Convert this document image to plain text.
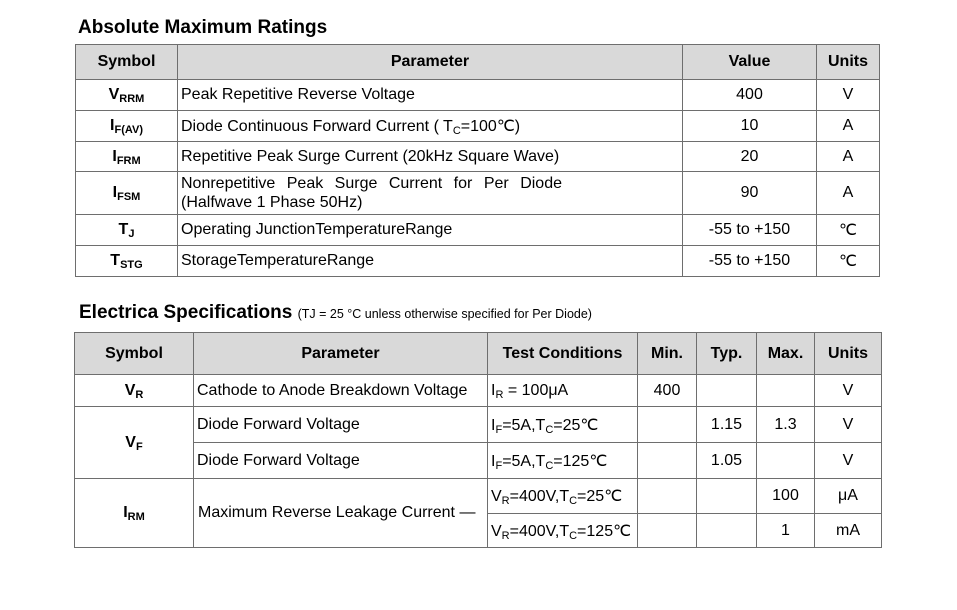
Absolute Maximum Ratings
Symbol	Parameter	Value	Units
$V_{RRM}$	Peak Repetitive Reverse Voltage	400	V
$I_{F(AV)}$	Diode Continuous Forward Current ( $T_C=100℃$)	10	A
$I_{FRM}$	Repetitive Peak Surge Current (20kHz Square Wave)	20	A
$I_{FSM}$	Nonrepetitive Peak Surge Current for Per Diode (Halfwave 1 Phase 50Hz)	90	A
$T_J$	Operating JunctionTemperatureRange	-55 to +150	℃
$T_{STG}$	StorageTemperatureRange	-55 to +150	℃
Electrica Specifications (TJ = 25 °C unless otherwise specified for Per Diode)
Symbol	Parameter	Test Conditions	Min.	Typ.	Max.	Units
$V_R$	Cathode to Anode Breakdown Voltage	$I_R = 100\mu A$	400			V
$V_F$	Diode Forward Voltage	$I_F=5A,T_C=25℃$		1.15	1.3	V
	Diode Forward Voltage	$I_F=5A,T_C=125℃$		1.05		V
$I_{RM}$	Maximum Reverse Leakage Current —	$V_R=400V,T_C=25℃$			100	μA
		$V_R=400V,T_C=125℃$			1	mA
